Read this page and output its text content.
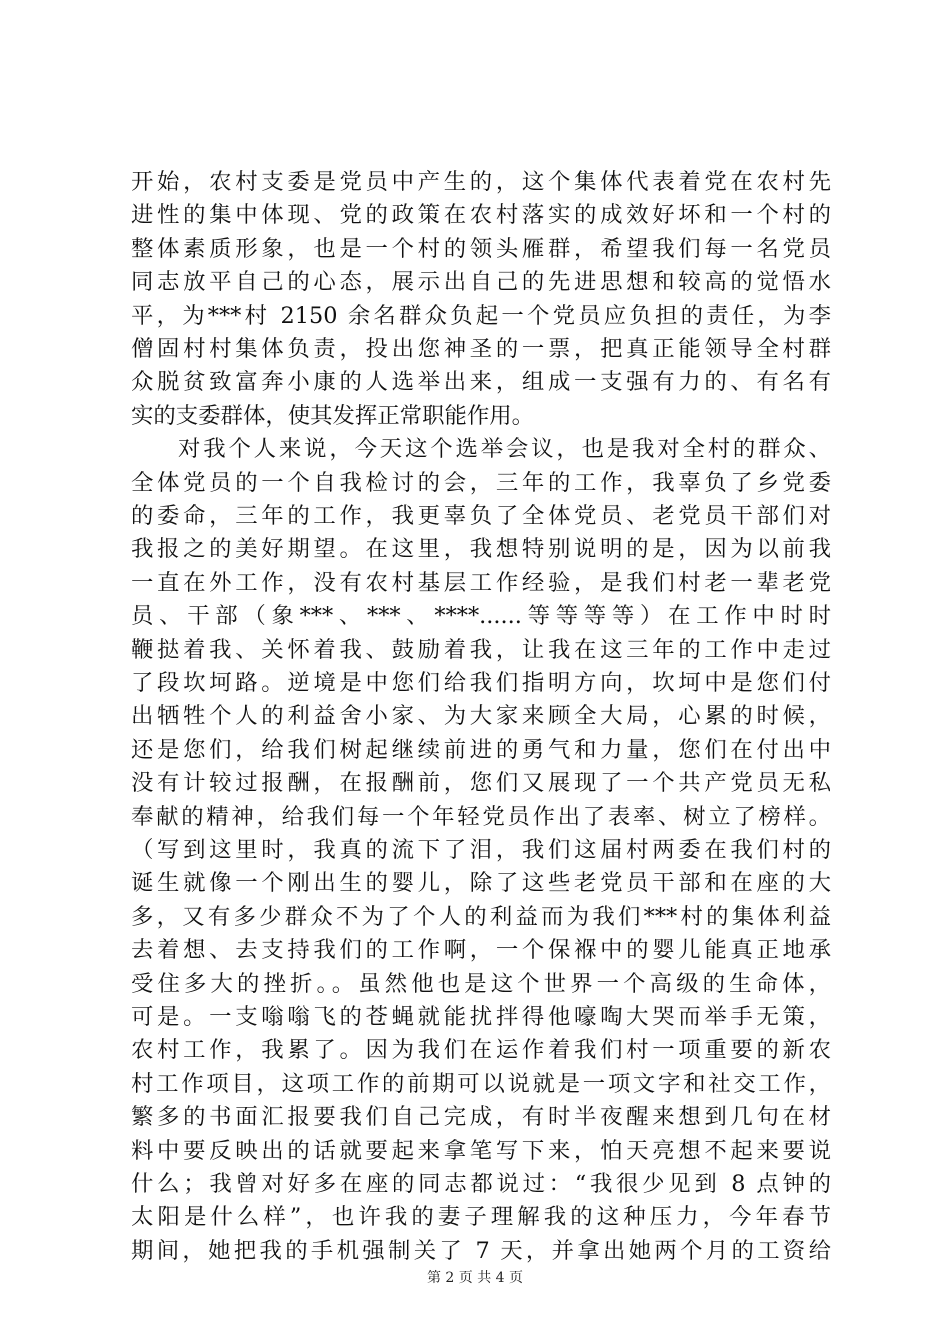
开始，农村支委是党员中产生的，这个集体代表着党在农村先
进性的集中体现、党的政策在农村落实的成效好坏和一个村的
整体素质形象，也是一个村的领头雁群，希望我们每一名党员
同志放平自己的心态，展示出自己的先进思想和较高的觉悟水
平，为***村 2150 余名群众负起一个党员应负担的责任，为李
僧固村村集体负责，投出您神圣的一票，把真正能领导全村群
众脱贫致富奔小康的人选举出来，组成一支强有力的、有名有
实的支委群体，使其发挥正常职能作用。
对我个人来说，今天这个选举会议，也是我对全村的群众、
全体党员的一个自我检讨的会，三年的工作，我辜负了乡党委
的委命，三年的工作，我更辜负了全体党员、老党员干部们对
我报之的美好期望。在这里，我想特别说明的是，因为以前我
一直在外工作，没有农村基层工作经验，是我们村老一辈老党
员、干部（象***、***、****......等等等等）在工作中时时
鞭挞着我、关怀着我、鼓励着我，让我在这三年的工作中走过
了段坎坷路。逆境是中您们给我们指明方向，坎坷中是您们付
出牺牲个人的利益舍小家、为大家来顾全大局，心累的时候，
还是您们，给我们树起继续前进的勇气和力量，您们在付出中
没有计较过报酬，在报酬前，您们又展现了一个共产党员无私
奉献的精神，给我们每一个年轻党员作出了表率、树立了榜样。
（写到这里时，我真的流下了泪，我们这届村两委在我们村的
诞生就像一个刚出生的婴儿，除了这些老党员干部和在座的大
多，又有多少群众不为了个人的利益而为我们***村的集体利益
去着想、去支持我们的工作啊，一个保褓中的婴儿能真正地承
受住多大的挫折。。虽然他也是这个世界一个高级的生命体，
可是。一支嗡嗡飞的苍蝇就能扰拌得他嚎啕大哭而举手无策，
农村工作，我累了。因为我们在运作着我们村一项重要的新农
村工作项目，这项工作的前期可以说就是一项文字和社交工作，
繁多的书面汇报要我们自己完成，有时半夜醒来想到几句在材
料中要反映出的话就要起来拿笔写下来，怕天亮想不起来要说
什么；我曾对好多在座的同志都说过：“我很少见到 8 点钟的
太阳是什么样”，也许我的妻子理解我的这种压力，今年春节
期间，她把我的手机强制关了 7 天，并拿出她两个月的工资给
第 2 页 共 4 页
